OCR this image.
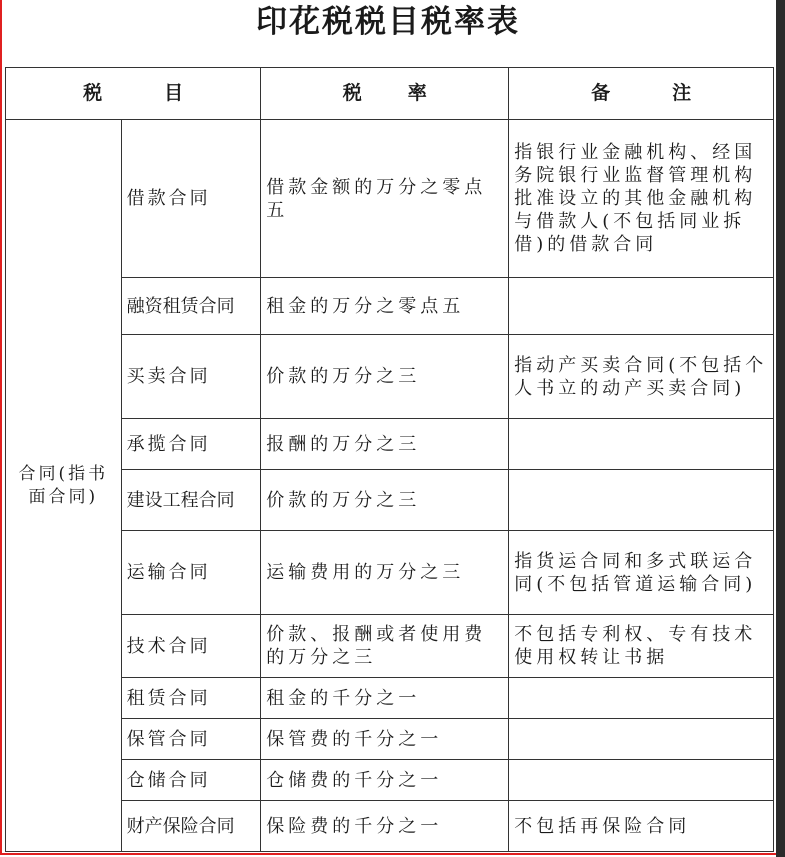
印花税税目税率表
税 目		税 率	备 注
合同(指书面合同)	借款合同	借款金额的万分之零点五	指银行业金融机构、经国务院银行业监督管理机构批准设立的其他金融机构与借款人(不包括同业拆借)的借款合同
	融资租赁合同	租金的万分之零点五	
	买卖合同	价款的万分之三	指动产买卖合同(不包括个人书立的动产买卖合同)
	承揽合同	报酬的万分之三	
	建设工程合同	价款的万分之三	
	运输合同	运输费用的万分之三	指货运合同和多式联运合同(不包括管道运输合同)
	技术合同	价款、报酬或者使用费的万分之三	不包括专利权、专有技术使用权转让书据
	租赁合同	租金的千分之一	
	保管合同	保管费的千分之一	
	仓储合同	仓储费的千分之一	
	财产保险合同	保险费的千分之一	不包括再保险合同
